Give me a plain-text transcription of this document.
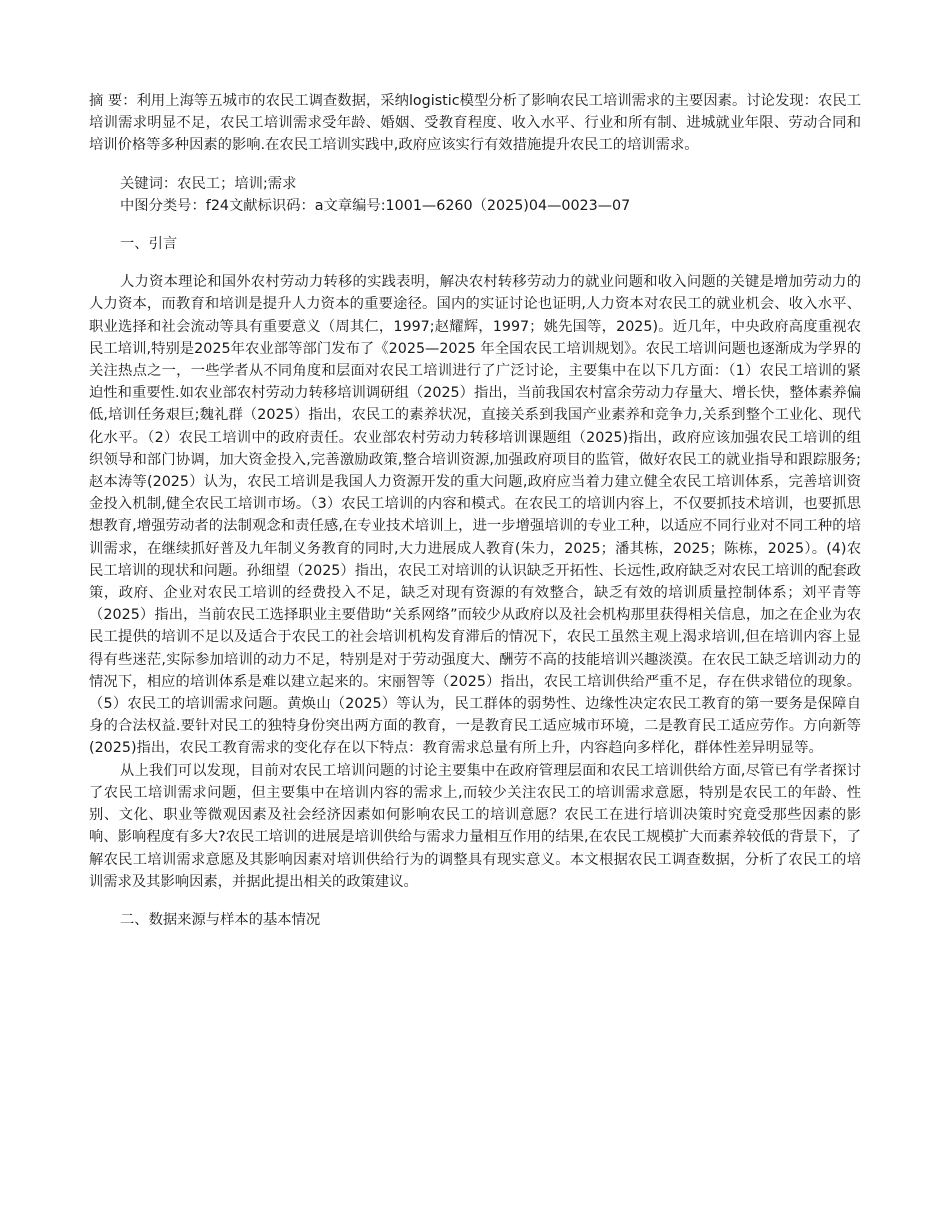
摘 要：利用上海等五城市的农民工调查数据，采纳logistic模型分析了影响农民工培训需求的主要因素。讨论发现：农民工培训需求明显不足，农民工培训需求受年龄、婚姻、受教育程度、收入水平、行业和所有制、进城就业年限、劳动合同和培训价格等多种因素的影响.在农民工培训实践中,政府应该实行有效措施提升农民工的培训需求。

关键词：农民工；培训;需求

中图分类号：f24文献标识码：a文章编号:1001—6260（2025)04—0023—07

一、引言

人力资本理论和国外农村劳动力转移的实践表明，解决农村转移劳动力的就业问题和收入问题的关键是增加劳动力的人力资本，而教育和培训是提升人力资本的重要途径。国内的实证讨论也证明,人力资本对农民工的就业机会、收入水平、职业选择和社会流动等具有重要意义（周其仁，1997;赵耀辉，1997；姚先国等，2025)。近几年，中央政府高度重视农民工培训,特别是2025年农业部等部门发布了《2025—2025 年全国农民工培训规划》。农民工培训问题也逐渐成为学界的关注热点之一，一些学者从不同角度和层面对农民工培训进行了广泛讨论，主要集中在以下几方面：（1）农民工培训的紧迫性和重要性.如农业部农村劳动力转移培训调研组（2025）指出，当前我国农村富余劳动力存量大、增长快，整体素养偏低,培训任务艰巨;魏礼群（2025）指出，农民工的素养状况，直接关系到我国产业素养和竞争力,关系到整个工业化、现代化水平。（2）农民工培训中的政府责任。农业部农村劳动力转移培训课题组（2025)指出，政府应该加强农民工培训的组织领导和部门协调，加大资金投入,完善激励政策,整合培训资源,加强政府项目的监管，做好农民工的就业指导和跟踪服务;赵本涛等(2025）认为，农民工培训是我国人力资源开发的重大问题,政府应当着力建立健全农民工培训体系，完善培训资金投入机制,健全农民工培训市场。（3）农民工培训的内容和模式。在农民工的培训内容上，不仅要抓技术培训，也要抓思想教育,增强劳动者的法制观念和责任感,在专业技术培训上，进一步增强培训的专业工种，以适应不同行业对不同工种的培训需求，在继续抓好普及九年制义务教育的同时,大力进展成人教育(朱力，2025；潘其栋，2025；陈栋，2025）。(4)农民工培训的现状和问题。孙细望（2025）指出，农民工对培训的认识缺乏开拓性、长远性,政府缺乏对农民工培训的配套政策，政府、企业对农民工培训的经费投入不足，缺乏对现有资源的有效整合，缺乏有效的培训质量控制体系；刘平青等（2025）指出，当前农民工选择职业主要借助“关系网络”而较少从政府以及社会机构那里获得相关信息，加之在企业为农民工提供的培训不足以及适合于农民工的社会培训机构发育滞后的情况下，农民工虽然主观上渴求培训,但在培训内容上显得有些迷茫,实际参加培训的动力不足，特别是对于劳动强度大、酬劳不高的技能培训兴趣淡漠。在农民工缺乏培训动力的情况下，相应的培训体系是难以建立起来的。宋丽智等（2025）指出，农民工培训供给严重不足，存在供求错位的现象。（5）农民工的培训需求问题。黄焕山（2025）等认为，民工群体的弱势性、边缘性决定农民工教育的第一要务是保障自身的合法权益.要针对民工的独特身份突出两方面的教育，一是教育民工适应城市环境，二是教育民工适应劳作。方向新等(2025)指出，农民工教育需求的变化存在以下特点：教育需求总量有所上升，内容趋向多样化，群体性差异明显等。

从上我们可以发现，目前对农民工培训问题的讨论主要集中在政府管理层面和农民工培训供给方面,尽管已有学者探讨了农民工培训需求问题，但主要集中在培训内容的需求上,而较少关注农民工的培训需求意愿，特别是农民工的年龄、性别、文化、职业等微观因素及社会经济因素如何影响农民工的培训意愿？农民工在进行培训决策时究竟受那些因素的影响、影响程度有多大?农民工培训的进展是培训供给与需求力量相互作用的结果,在农民工规模扩大而素养较低的背景下，了解农民工培训需求意愿及其影响因素对培训供给行为的调整具有现实意义。本文根据农民工调查数据，分析了农民工的培训需求及其影响因素，并据此提出相关的政策建议。

二、数据来源与样本的基本情况
